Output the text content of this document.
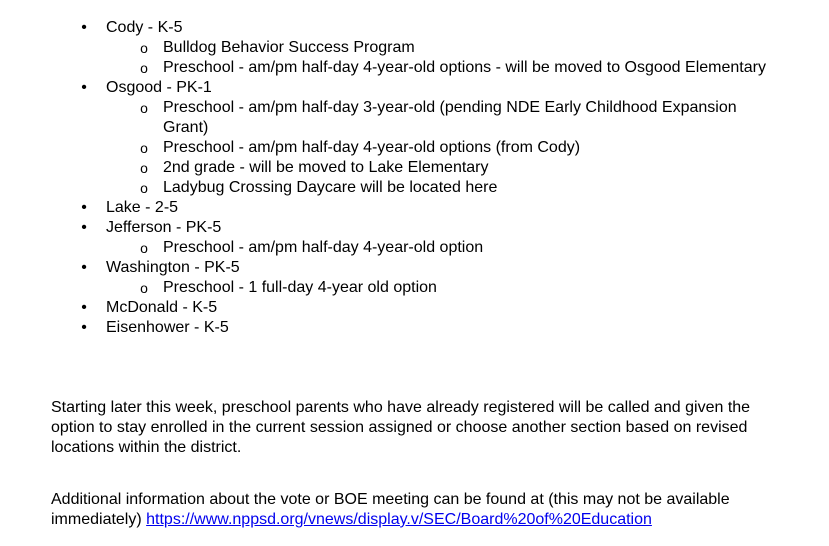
• Cody - K-5
o Bulldog Behavior Success Program
o Preschool - am/pm half-day 4-year-old options - will be moved to Osgood Elementary
• Osgood - PK-1
o Preschool - am/pm half-day 3-year-old (pending NDE Early Childhood Expansion Grant)
o Preschool - am/pm half-day 4-year-old options (from Cody)
o 2nd grade - will be moved to Lake Elementary
o Ladybug Crossing Daycare will be located here
• Lake - 2-5
• Jefferson - PK-5
o Preschool - am/pm half-day 4-year-old option
• Washington - PK-5
o Preschool - 1 full-day 4-year old option
• McDonald - K-5
• Eisenhower - K-5

Starting later this week, preschool parents who have already registered will be called and given the option to stay enrolled in the current session assigned or choose another section based on revised locations within the district.

Additional information about the vote or BOE meeting can be found at (this may not be available immediately) https://www.nppsd.org/vnews/display.v/SEC/Board%20of%20Education
